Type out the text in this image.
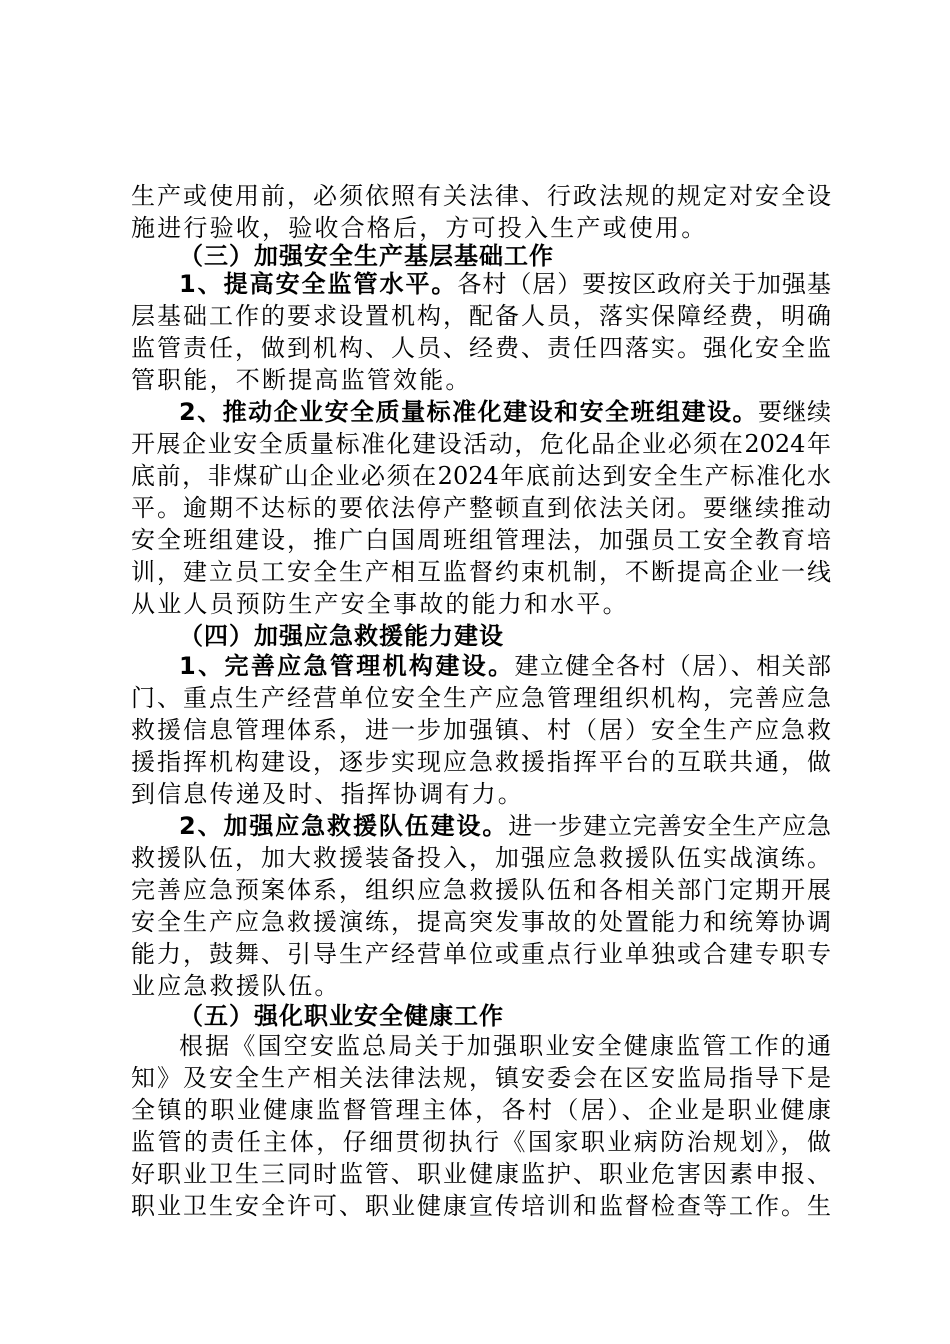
生产或使用前，必须依照有关法律、行政法规的规定对安全设
施进行验收，验收合格后，方可投入生产或使用。
（三）加强安全生产基层基础工作
1、提高安全监管水平。各村（居）要按区政府关于加强基
层基础工作的要求设置机构，配备人员，落实保障经费，明确
监管责任，做到机构、人员、经费、责任四落实。强化安全监
管职能，不断提高监管效能。
2、推动企业安全质量标准化建设和安全班组建设。要继续
开展企业安全质量标准化建设活动，危化品企业必须在2024年
底前，非煤矿山企业必须在2024年底前达到安全生产标准化水
平。逾期不达标的要依法停产整顿直到依法关闭。要继续推动
安全班组建设，推广白国周班组管理法，加强员工安全教育培
训，建立员工安全生产相互监督约束机制，不断提高企业一线
从业人员预防生产安全事故的能力和水平。
（四）加强应急救援能力建设
1、完善应急管理机构建设。建立健全各村（居）、相关部
门、重点生产经营单位安全生产应急管理组织机构，完善应急
救援信息管理体系，进一步加强镇、村（居）安全生产应急救
援指挥机构建设，逐步实现应急救援指挥平台的互联共通，做
到信息传递及时、指挥协调有力。
2、加强应急救援队伍建设。进一步建立完善安全生产应急
救援队伍，加大救援装备投入，加强应急救援队伍实战演练。
完善应急预案体系，组织应急救援队伍和各相关部门定期开展
安全生产应急救援演练，提高突发事故的处置能力和统筹协调
能力，鼓舞、引导生产经营单位或重点行业单独或合建专职专
业应急救援队伍。
（五）强化职业安全健康工作
根据《国空安监总局关于加强职业安全健康监管工作的通
知》及安全生产相关法律法规，镇安委会在区安监局指导下是
全镇的职业健康监督管理主体，各村（居）、企业是职业健康
监管的责任主体，仔细贯彻执行《国家职业病防治规划》，做
好职业卫生三同时监管、职业健康监护、职业危害因素申报、
职业卫生安全许可、职业健康宣传培训和监督检查等工作。生
